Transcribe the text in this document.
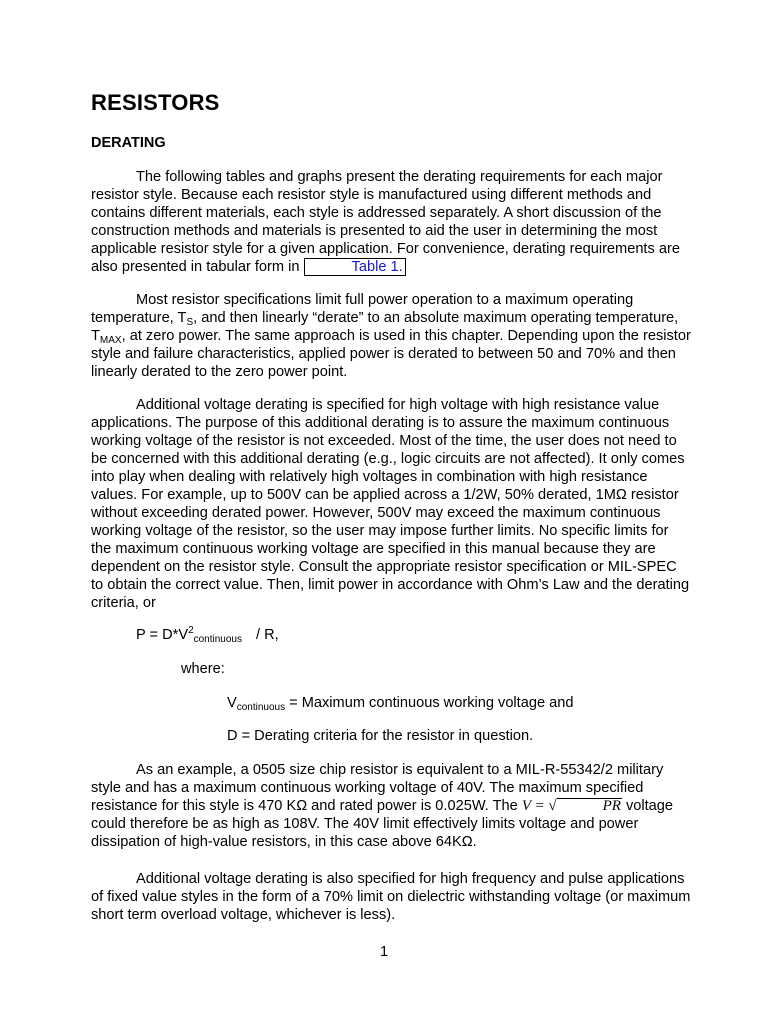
RESISTORS
DERATING

The following tables and graphs present the derating requirements for each major resistor style. Because each resistor style is manufactured using different methods and contains different materials, each style is addressed separately. A short discussion of the construction methods and materials is presented to aid the user in determining the most applicable resistor style for a given application. For convenience, derating requirements are also presented in tabular form in	Table 1.

Most resistor specifications limit full power operation to a maximum operating temperature, $T_S$, and then linearly “derate” to an absolute maximum operating temperature, $T_{MAX}$, at zero power. The same approach is used in this chapter. Depending upon the resistor style and failure characteristics, applied power is derated to between 50 and 70% and then linearly derated to the zero power point.

Additional voltage derating is specified for high voltage with high resistance value applications. The purpose of this additional derating is to assure the maximum continuous working voltage of the resistor is not exceeded. Most of the time, the user does not need to be concerned with this additional derating (e.g., logic circuits are not affected). It only comes into play when dealing with relatively high voltages in combination with high resistance values. For example, up to 500V can be applied across a 1/2W, 50% derated, 1MΩ resistor without exceeding derated power. However, 500V may exceed the maximum continuous working voltage of the resistor, so the user may impose further limits. No specific limits for the maximum continuous working voltage are specified in this manual because they are dependent on the resistor style. Consult the appropriate resistor specification or MIL-SPEC to obtain the correct value. Then, limit power in accordance with Ohm’s Law and the derating criteria, or

$P = D*V^2_{continuous} / R$,

where:

$V_{continuous}$ = Maximum continuous working voltage and

D = Derating criteria for the resistor in question.

As an example, a 0505 size chip resistor is equivalent to a MIL-R-55342/2 military style and has a maximum continuous working voltage of 40V. The maximum specified resistance for this style is 470 KΩ and rated power is 0.025W. The V = √	PR voltage could therefore be as high as 108V. The 40V limit effectively limits voltage and power dissipation of high-value resistors, in this case above 64KΩ.

Additional voltage derating is also specified for high frequency and pulse applications of fixed value styles in the form of a 70% limit on dielectric withstanding voltage (or maximum short term overload voltage, whichever is less).

1
